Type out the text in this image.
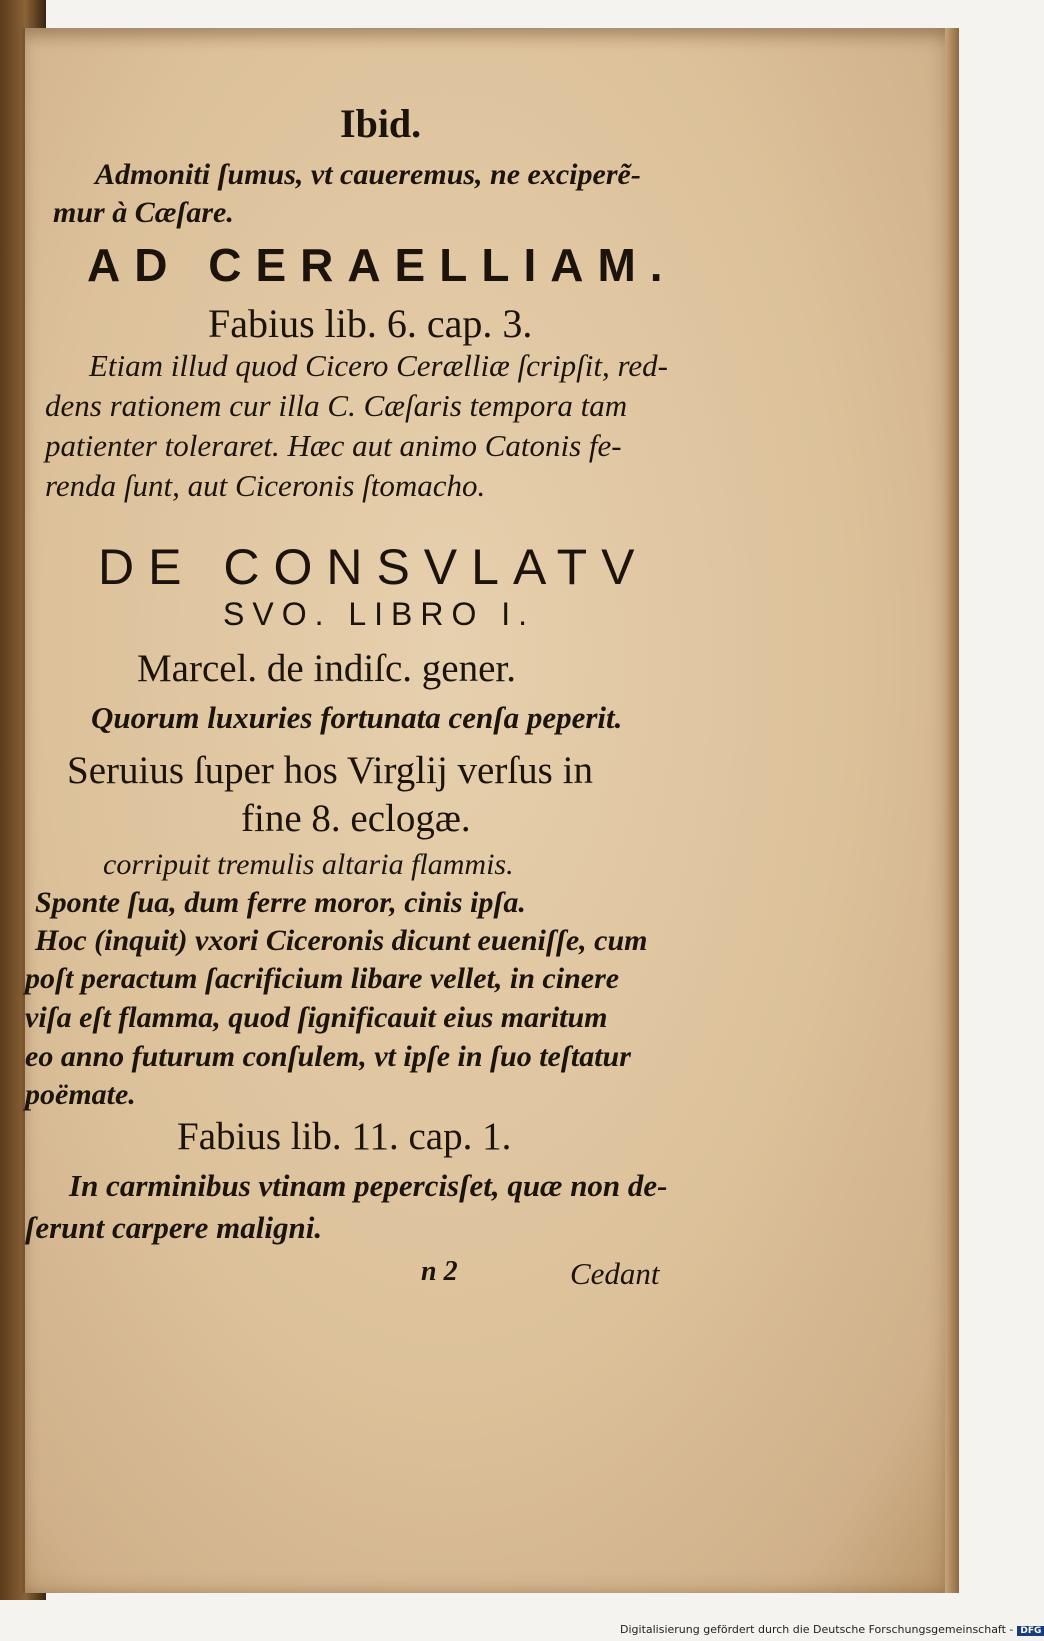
Ibid.
Admoniti ſumus, vt caueremus, ne exciperẽ-
mur à Cæſare.
AD CERAELLIAM.
Fabius lib. 6. cap. 3.
Etiam illud quod Cicero Cerælliæ ſcripſit, red-
dens rationem cur illa C. Cæſaris tempora tam
patienter toleraret. Hæc aut animo Catonis fe-
renda ſunt, aut Ciceronis ſtomacho.
DE CONSVLATV
SVO. LIBRO I.
Marcel. de indiſc. gener.
Quorum luxuries fortunata cenſa peperit.
Seruius ſuper hos Virglij verſus in
fine 8. eclogæ.
corripuit tremulis altaria flammis.
Sponte ſua, dum ferre moror, cinis ipſa.
Hoc (inquit) vxori Ciceronis dicunt eueniſſe, cum
poſt peractum ſacrificium libare vellet, in cinere
viſa eſt flamma, quod ſignificauit eius maritum
eo anno futurum conſulem, vt ipſe in ſuo teſtatur
poëmate.
Fabius lib. 11. cap. 1.
In carminibus vtinam pepercisſet, quæ non de-
ſerunt carpere maligni.
n 2	Cedant
Digitalisierung gefördert durch die Deutsche Forschungsgemeinschaft - DFG
